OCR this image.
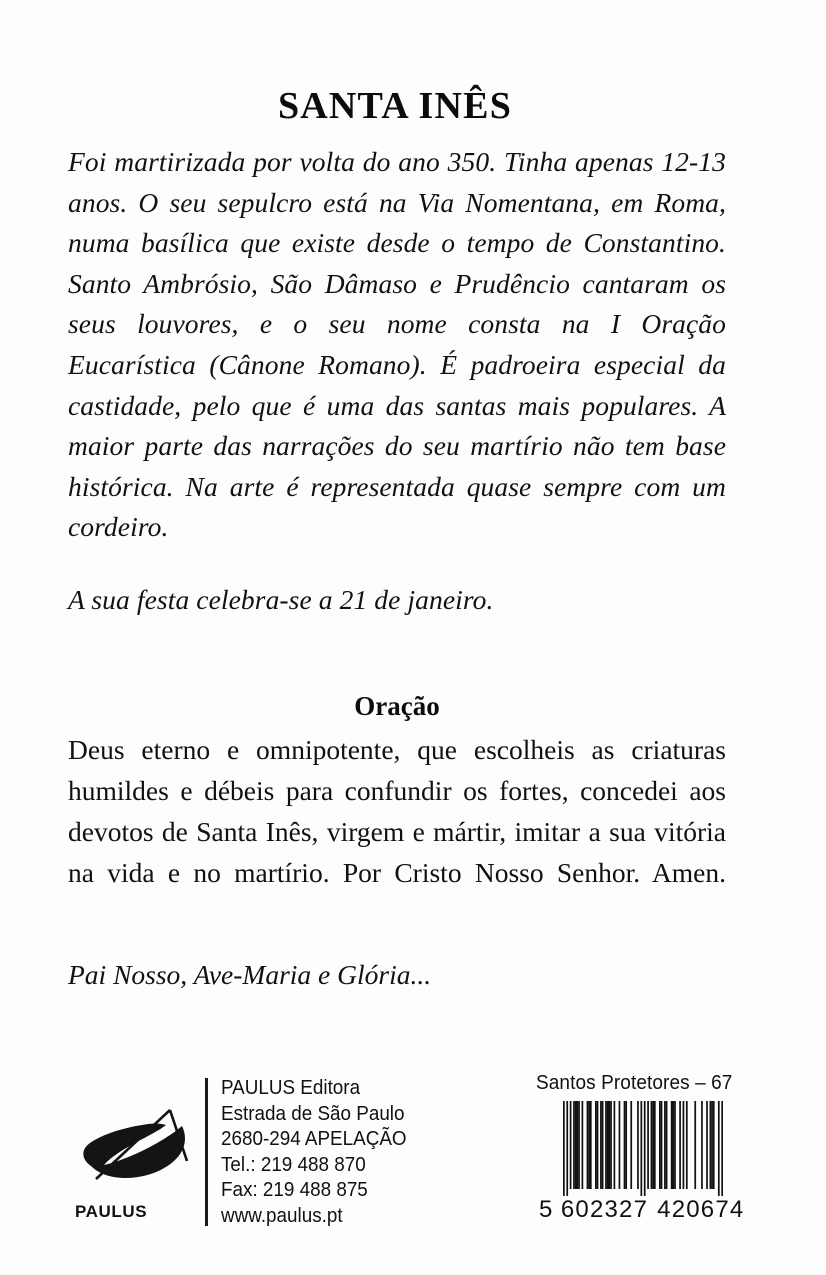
SANTA INÊS

Foi martirizada por volta do ano 350. Tinha apenas 12-13 anos. O seu sepulcro está na Via Nomentana, em Roma, numa basílica que existe desde o tempo de Constantino. Santo Ambrósio, São Dâmaso e Prudêncio cantaram os seus louvores, e o seu nome consta na I Oração Eucarística (Cânone Romano). É padroeira especial da castidade, pelo que é uma das santas mais populares. A maior parte das narrações do seu martírio não tem base histórica. Na arte é representada quase sempre com um cordeiro.

A sua festa celebra-se a 21 de janeiro.

Oração

Deus eterno e omnipotente, que escolheis as criaturas humildes e débeis para confundir os fortes, concedei aos devotos de Santa Inês, virgem e mártir, imitar a sua vitória na vida e no martírio. Por Cristo Nosso Senhor. Amen.

Pai Nosso, Ave-Maria e Glória...

PAULUS
PAULUS Editora
Estrada de São Paulo
2680-294 APELAÇÃO
Tel.: 219 488 870
Fax: 219 488 875
www.paulus.pt
Santos Protetores – 67
5 602327 420674
